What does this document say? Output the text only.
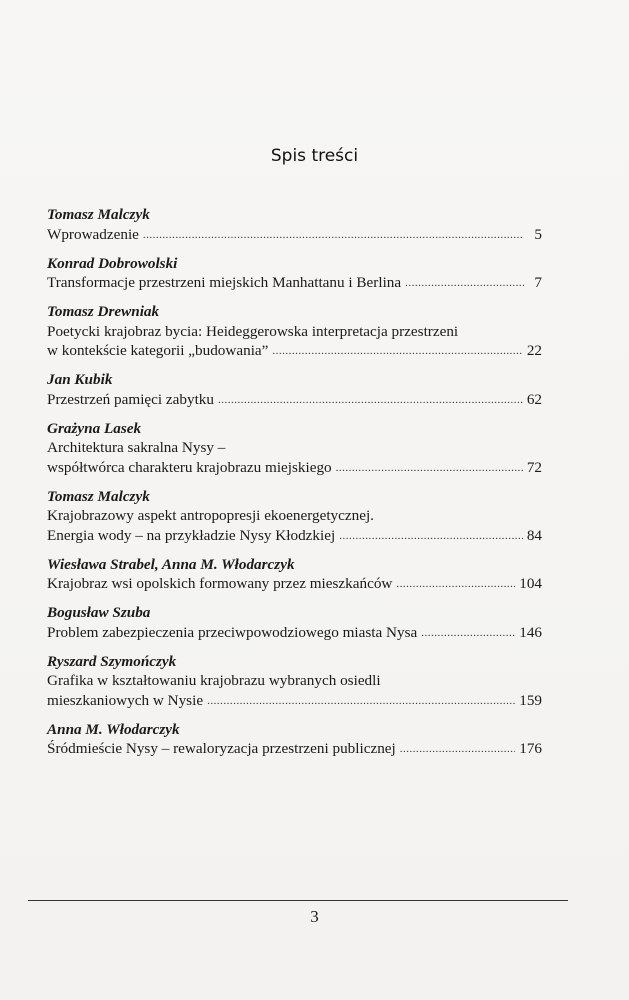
Spis treści
Tomasz Malczyk
Wprowadzenie .....	5
Konrad Dobrowolski
Transformacje przestrzeni miejskich Manhattanu i Berlina .....	7
Tomasz Drewniak
Poetycki krajobraz bycia: Heideggerowska interpretacja przestrzeni
w kontekście kategorii „budowania” .....	22
Jan Kubik
Przestrzeń pamięci zabytku .....	62
Grażyna Lasek
Architektura sakralna Nysy –
współtwórca charakteru krajobrazu miejskiego .....	72
Tomasz Malczyk
Krajobrazowy aspekt antropopresji ekoenergetycznej.
Energia wody – na przykładzie Nysy Kłodzkiej .....	84
Wiesława Strabel, Anna M. Włodarczyk
Krajobraz wsi opolskich formowany przez mieszkańców .....	104
Bogusław Szuba
Problem zabezpieczenia przeciwpowodziowego miasta Nysa .....	146
Ryszard Szymończyk
Grafika w kształtowaniu krajobrazu wybranych osiedli
mieszkaniowych w Nysie .....	159
Anna M. Włodarczyk
Śródmieście Nysy – rewaloryzacja przestrzeni publicznej .....	176
3
